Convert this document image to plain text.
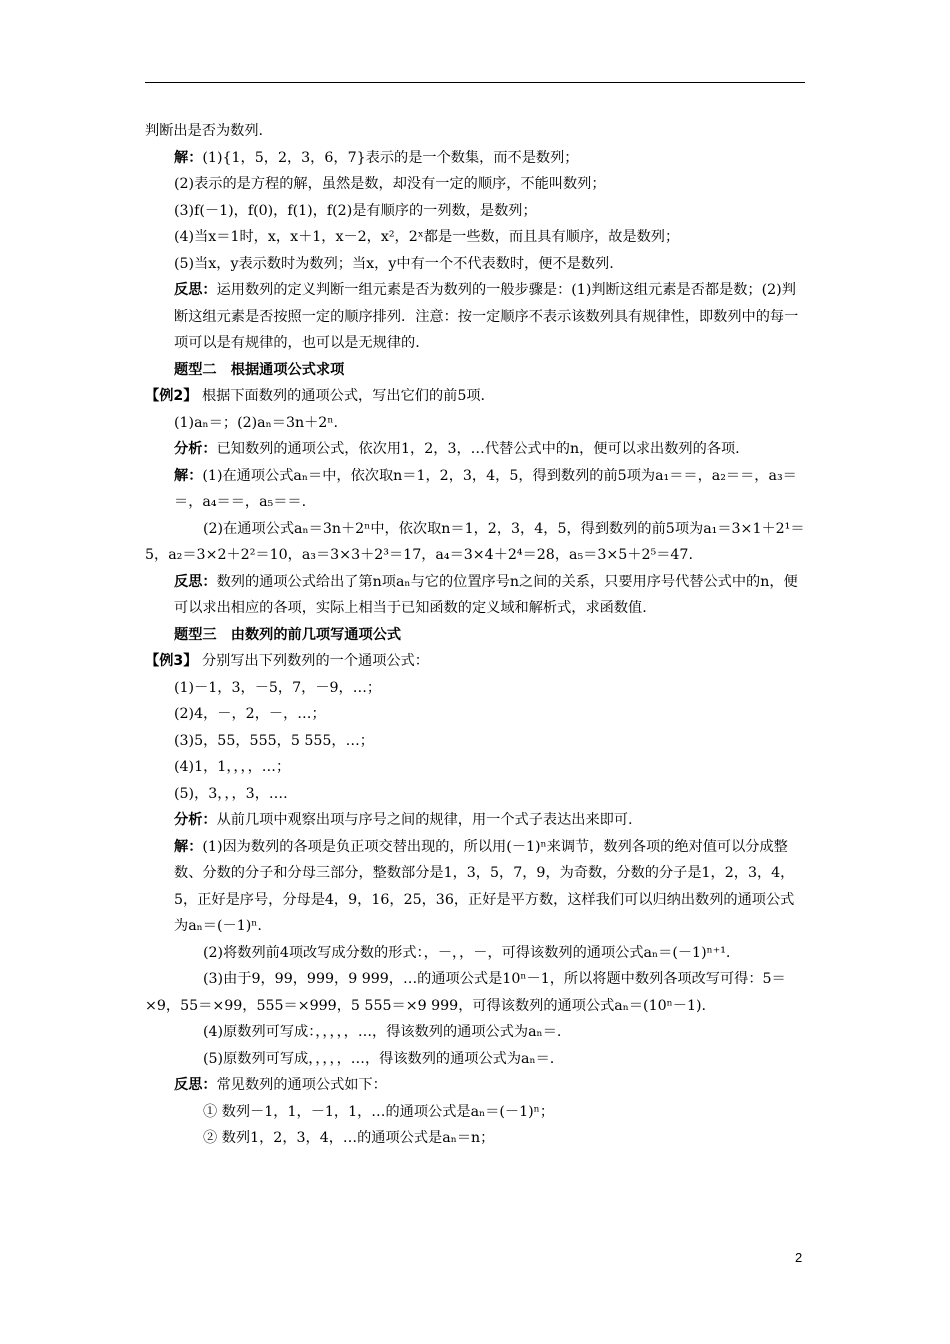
判断出是否为数列.

解：(1){1，5，2，3，6，7}表示的是一个数集，而不是数列；

(2)表示的是方程的解，虽然是数，却没有一定的顺序，不能叫数列；

(3)f(－1)，f(0)，f(1)，f(2)是有顺序的一列数，是数列；

(4)当x＝1时，x，x＋1，x－2，x²，2ˣ都是一些数，而且具有顺序，故是数列；

(5)当x，y表示数时为数列；当x，y中有一个不代表数时，便不是数列.

反思：运用数列的定义判断一组元素是否为数列的一般步骤是：(1)判断这组元素是否都是数；(2)判断这组元素是否按照一定的顺序排列．注意：按一定顺序不表示该数列具有规律性，即数列中的每一项可以是有规律的，也可以是无规律的.

题型二　根据通项公式求项

【例2】 根据下面数列的通项公式，写出它们的前5项.

(1)aₙ＝；(2)aₙ＝3n＋2ⁿ.

分析：已知数列的通项公式，依次用1，2，3，…代替公式中的n，便可以求出数列的各项.

解：(1)在通项公式aₙ＝中，依次取n＝1，2，3，4，5，得到数列的前5项为a₁＝＝，a₂＝＝，a₃＝＝，a₄＝＝，a₅＝＝.

(2)在通项公式aₙ＝3n＋2ⁿ中，依次取n＝1，2，3，4，5，得到数列的前5项为a₁＝3×1＋2¹＝5，a₂＝3×2＋2²＝10，a₃＝3×3＋2³＝17，a₄＝3×4＋2⁴＝28，a₅＝3×5＋2⁵＝47.

反思：数列的通项公式给出了第n项aₙ与它的位置序号n之间的关系，只要用序号代替公式中的n，便可以求出相应的各项，实际上相当于已知函数的定义域和解析式，求函数值.

题型三　由数列的前几项写通项公式

【例3】 分别写出下列数列的一个通项公式：

(1)－1，3，－5，7，－9，…；

(2)4，－，2，－，…；

(3)5，55，555，5 555，…；

(4)1，1，，，，…；

(5)，3，，，3，….

分析：从前几项中观察出项与序号之间的规律，用一个式子表达出来即可.

解：(1)因为数列的各项是负正项交替出现的，所以用(－1)ⁿ来调节，数列各项的绝对值可以分成整数、分数的分子和分母三部分，整数部分是1，3，5，7，9，为奇数，分数的分子是1，2，3，4，5，正好是序号，分母是4，9，16，25，36，正好是平方数，这样我们可以归纳出数列的通项公式为aₙ＝(－1)ⁿ.

(2)将数列前4项改写成分数的形式：，－，，－，可得该数列的通项公式aₙ＝(－1)ⁿ⁺¹.

(3)由于9，99，999，9 999，…的通项公式是10ⁿ－1，所以将题中数列各项改写可得：5＝×9，55＝×99，555＝×999，5 555＝×9 999，可得该数列的通项公式aₙ＝(10ⁿ－1).

(4)原数列可写成：，，，，，…，得该数列的通项公式为aₙ＝.

(5)原数列可写成，，，，，…，得该数列的通项公式为aₙ＝.

反思：常见数列的通项公式如下：

① 数列－1，1，－1，1，…的通项公式是aₙ＝(－1)ⁿ；

② 数列1，2，3，4，…的通项公式是aₙ＝n；

2
